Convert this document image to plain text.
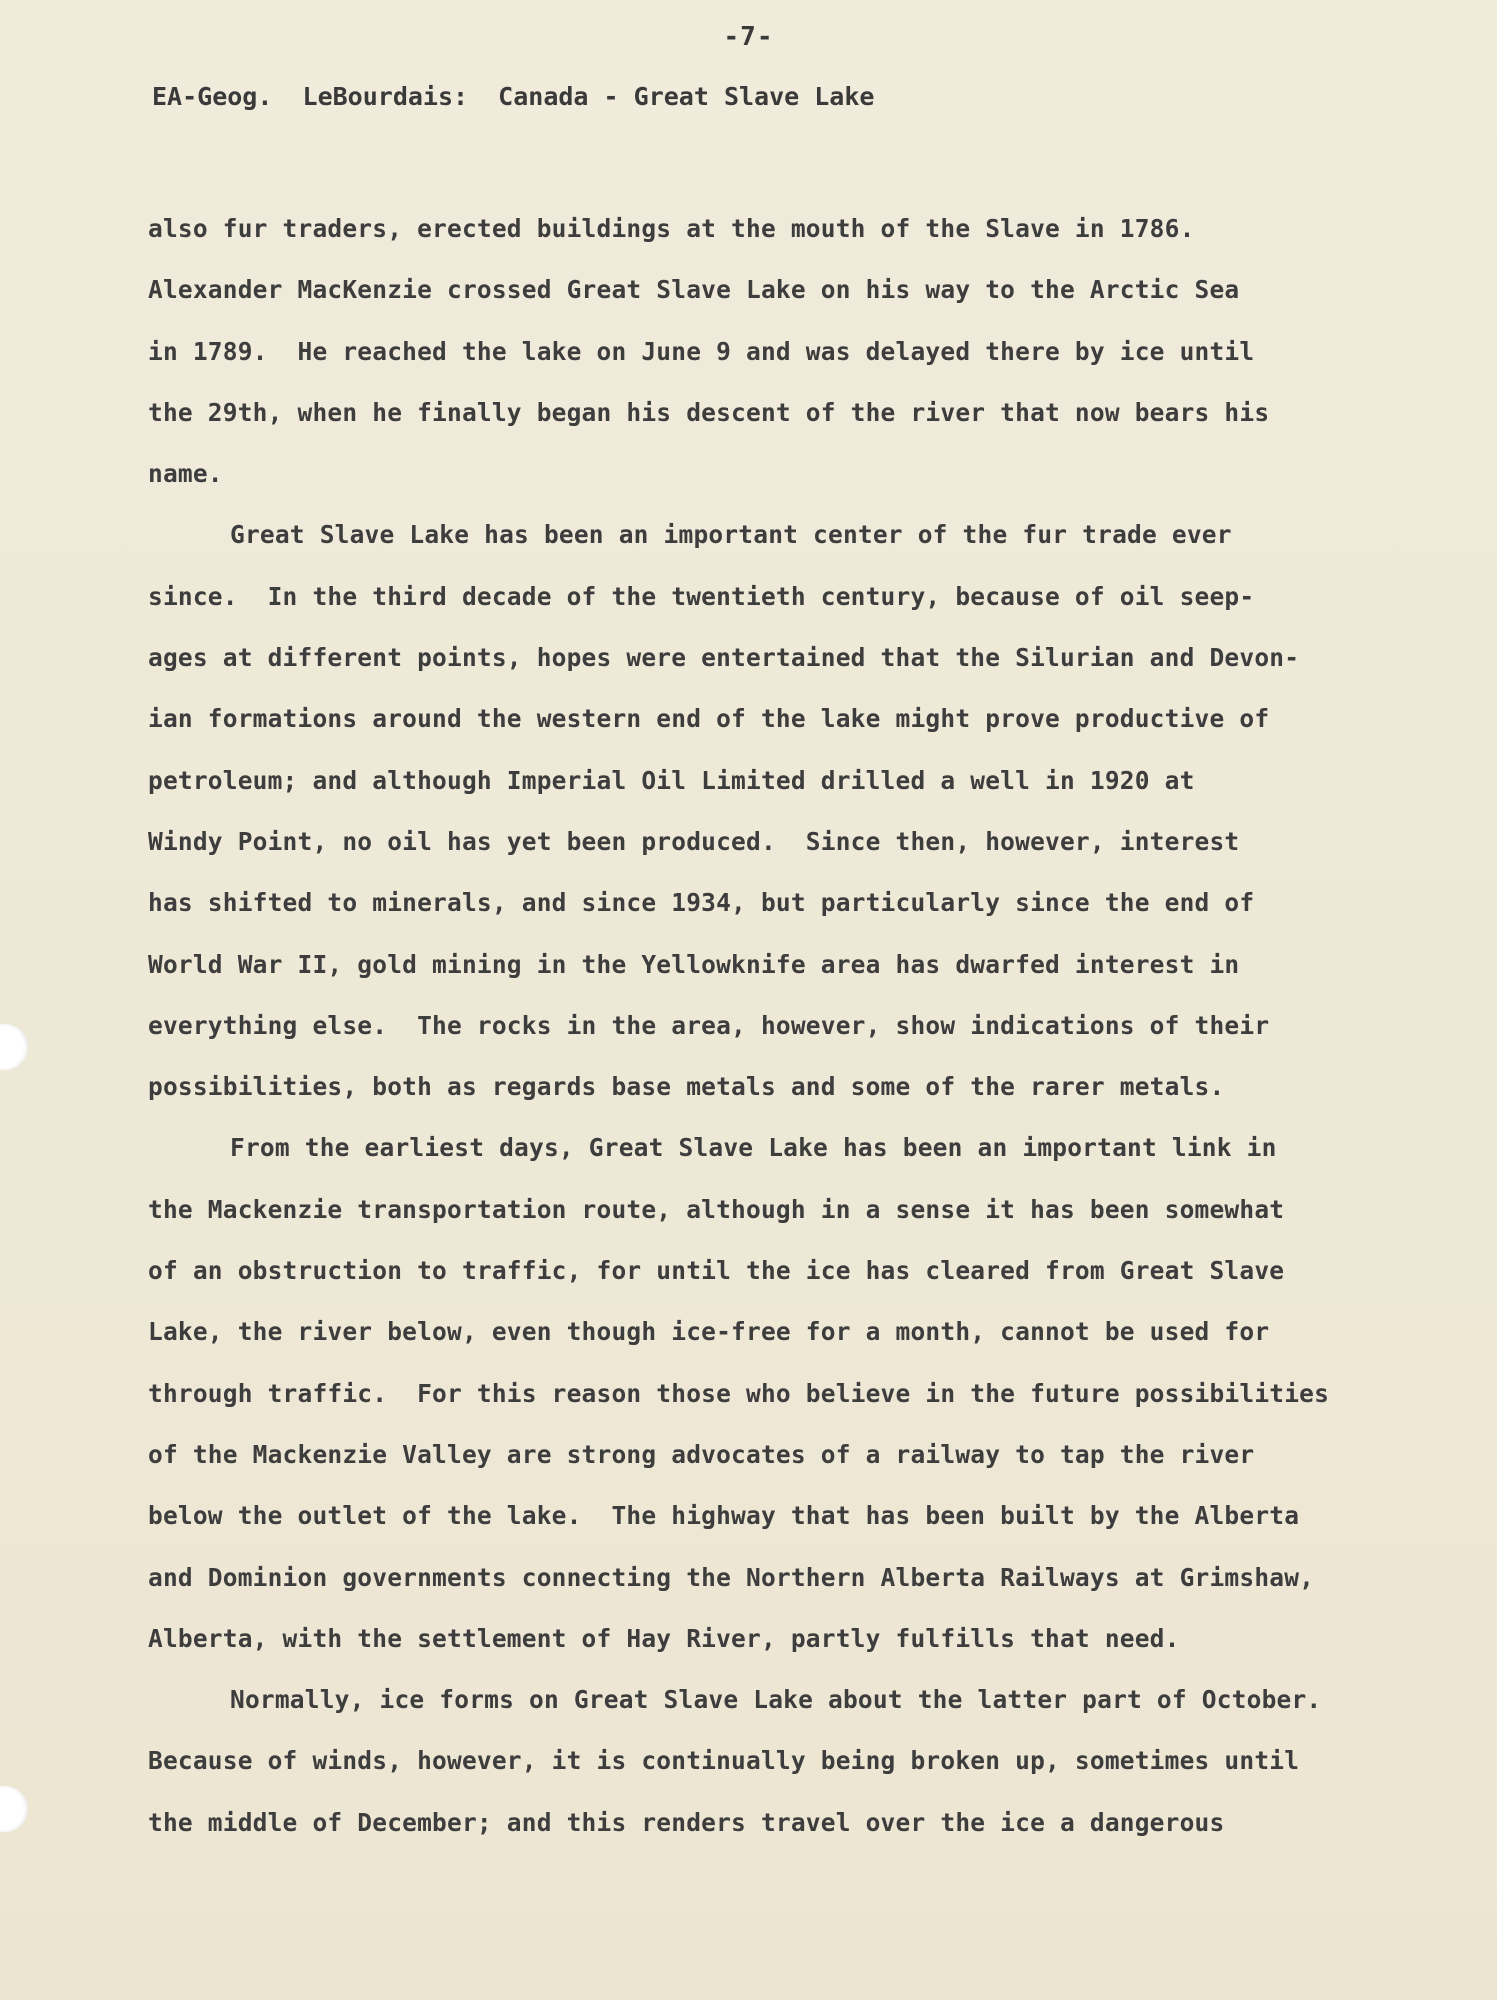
-7-
EA-Geog.  LeBourdais:  Canada - Great Slave Lake
also fur traders, erected buildings at the mouth of the Slave in 1786.
Alexander MacKenzie crossed Great Slave Lake on his way to the Arctic Sea
in 1789.  He reached the lake on June 9 and was delayed there by ice until
the 29th, when he finally began his descent of the river that now bears his
name.
Great Slave Lake has been an important center of the fur trade ever
since.  In the third decade of the twentieth century, because of oil seep-
ages at different points, hopes were entertained that the Silurian and Devon-
ian formations around the western end of the lake might prove productive of
petroleum; and although Imperial Oil Limited drilled a well in 1920 at
Windy Point, no oil has yet been produced.  Since then, however, interest
has shifted to minerals, and since 1934, but particularly since the end of
World War II, gold mining in the Yellowknife area has dwarfed interest in
everything else.  The rocks in the area, however, show indications of their
possibilities, both as regards base metals and some of the rarer metals.
From the earliest days, Great Slave Lake has been an important link in
the Mackenzie transportation route, although in a sense it has been somewhat
of an obstruction to traffic, for until the ice has cleared from Great Slave
Lake, the river below, even though ice-free for a month, cannot be used for
through traffic.  For this reason those who believe in the future possibilities
of the Mackenzie Valley are strong advocates of a railway to tap the river
below the outlet of the lake.  The highway that has been built by the Alberta
and Dominion governments connecting the Northern Alberta Railways at Grimshaw,
Alberta, with the settlement of Hay River, partly fulfills that need.
Normally, ice forms on Great Slave Lake about the latter part of October.
Because of winds, however, it is continually being broken up, sometimes until
the middle of December; and this renders travel over the ice a dangerous
